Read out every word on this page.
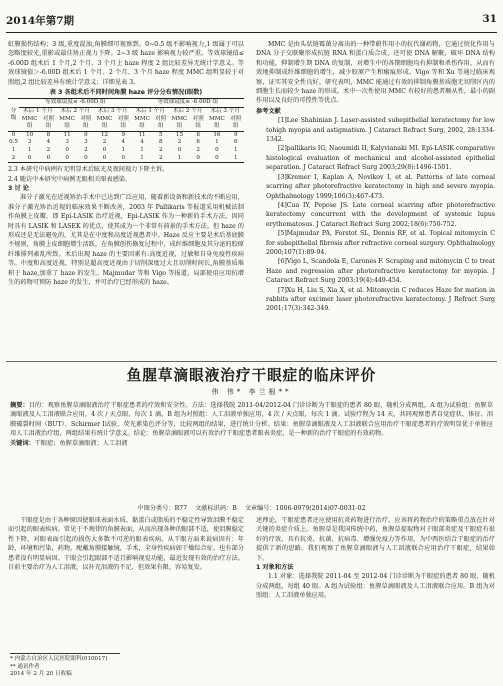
2014年第7期	31

虹膜损伤结构；3 级,重度混浊,角膜细可视察到。0~0.5 级不影响视力,1 级属于可以忽略度较光,重影或最佳矫正视力下降。2~3 级 haze 影响视力较严重。等效球镜值≤ -6.00D 组术后 1 个月,2 个月、3 个月上 haze 程度 2 组比较差异无统计学意义。等效球镜值＞-6.00D 组术后 1 个月、2 个月、3 个月 haze 程度 MMC 组明显较于对照组,2 组比较差异有统计学意义；详细见表 3。

表 3 各组术后不同时间角膜 haze 评分分布情况(眼数)
分级	等效球镜度≤ -6.00D 组						等效球镜度≥ -6.00D 组					
	术后 1 个月		术后 2 个月		术后 3 个月		术后 1 个月		术后 2 个月		术后 3 个月	
	MMC组	对照组	MMC组	对照组	MMC组	对照组	MMC组	对照组	MMC组	对照组	MMC组	对照组
0	10	8	11	9	12	9	11	5	15	8	16	9
0.5	3	4	3	3	2	4	4	8	2	6	1	6
1	1	2	0	2	0	1	1	2	0	2	0	1
2	0	0	0	0	0	0	1	2	1	0	0	1

2.3 本研究中病例有无明显术后眩光及夜间视力下降主诉。

2.4 随访中本研究中病例无眼相关眼表感染。

3 讨 论

准分子激光在近视矫治手术中已达到广泛应用，随着新设备和新技术的不断应用，准分子激光矫治近视的临床效果不断改善，2003 年 Pallikaris 等报道采用机械法制作角膜上皮瓣，即 Epi-LASIK 治疗近视，Epi-LASIK 作为一种新的手术方法，因同时具有 LASIK 和 LASEK 的优点，使其成为一个非常有前景的手术方法。但 haze 的形成还是无法避免的，尤其是在中度和高度近视患者中。Haze 反应主要是术后基底膜不规则，角膜上皮细胞增生活跃，在角膜创伤修复过程中，成纤维细胞及其分泌的胶原纤维排列紊乱所致。术后出现 haze 的主要因素有:高度近视，过敏和自身免疫性疾病等。中度和高度近视，特别是超高度近视由于切削深度过大且切削时间长,角膜基质堆积于 haze,加重了 haze 的发生。Majmudar 等和 Vigo 等报道，局部使用应用抗增生的药物可预防 haze 的发生，并可治疗已经形成的 haze。

MMC 是由头状链霉菌分离出的一种带蔚作用小的抗代谢药物，它通过烷化作用与 DNA 分子交联聚形成抗链 RNA 和蛋白质合成，还可使 DNA 解聚，破坏 DNA 结构和功能，抑制增生期 DNA 的复制，对增生中的各期细胞均有抑制和杀伤作用，从而有效地抑制成纤维细胞的增生，减少胶原产生和瘢痕形成。Vigo 等和 Xu 等通过临床观察，证实其安全性良好。研究表明，MMC 能通过有效的抑制角膜基质胞无切削区内的细胞生长而较少 haze 的形成。术中一次性使用 MMC 有较好的患者顺从性，最小的副作用以及良好的可控性等优点。

参考文献

[1]Lee Shahinian J. Laser-assisted subepithelial keratectomy for low tohigh myopia and astigmatism. J Cataract Refract Surg, 2002, 28:1334-1342.

[2]pallikaris IG, Naoumidi II, Kalyvianaki MI. Epi-LASIK comparative histological evaluation of mechanical and alcohol-assisted epithelial separation. J Cataract Refract Surg 2003;29(8):1496-1501.

[3]Kremer I, Kaplan A, Novikov I, et al. Patterns of late corneal scarring after photorefractive keratectomy in high and severe myopia. Ophthalmology 1999;106(3):467-473.

[4]Cua IY, Pepose JS. Late corneal scarring after photorefractive keratectomy concurrent with the development of systemic lupus erythematosus. J Cataract Refract Surg 2002;18(6):750-752.

[5]Majmudar PA, Forstot SL, Dennis RF, et al. Topical mitomycin C for subepithelial fibrosis after refractive corneal surgery. Ophthalmology 2000;107(1):89-94.

[6]Vigo L, Scandola E, Carones F. Scraping and mitomycin C to treat Haze and regression after photorefractive keratectomy for myopia. J Cataract Refract Surg 2003;19(4):449-454.

[7]Xu H, Liu S, Xia X, et al. Mitomycin C reduces Haze for mation in rabbits after excimer laser photorefractive keratectomy. J Refract Surg 2001;17(3):342-349.

鱼腥草滴眼液治疗干眼症的临床评价
伟 伟* 李兰根**
摘要：目的：观察鱼腥草滴眼液治疗干眼症患者的疗效和安全性。方法：选择我院 2011-04/2012-04 门诊诊断为干眼症的患者 80 眼，随机分成两组，A 组为试验组：鱼腥草滴眼液及人工泪液联合应用，4 次 / 天点眼，每次 1 滴，B 组为对照组：人工泪液单独应用，4 次 / 天点眼，每次 1 滴。试验疗程为 14 天。共同观察患者自觉症状、体征、泪膜破裂时间（BUT）、Schirmer Ⅰ试验、荧光素染色评分等，比较两组的结果，进行统计分析。结果：鱼腥草滴眼液及人工泪液联合应用治疗干眼症患者的疗效明显优于单独应用人工泪液治疗组，两组结果有统计学意义。结论：鱼腥草滴眼液可以有效治疗干眼症患者眼表炎症，是一种新的治疗干眼症的有效药物。
关键词：干眼症；鱼腥草滴眼液；人工泪液
中图分类号：R77 文献标识码：B 文章编号：1006-0979(2014)07-0031-02

干眼症是由于各种原因使眼球表面水质、黏蛋白或脂质的不稳定性导致泪膜不稳定而引起的眼表疾病。常见于不规律的角膜表面，从而出现各种的眼部不适，使泪膜稳定性下降，对眼表面引起的损伤大多数不可逆的眼表疾病。从干眼方面来说病因有：年龄，环境和污染，药物，配戴角膜接触镜，手术，全身性疾病如干燥综合征，也有部分患者没有明显病因。干眼会引起眼部不适且影响视觉功能，最近发现有效的治疗方法。目前主要治疗为人工泪液，以补充泪液的不足，但效果有限，容易复发。

述理论，干眼症患者还应使用抗炎药物进行治疗，应该将药物治疗的策略重点放在针对关键的炎症介质上。鱼腥草是我国传统中药，鱼腥草提取物对于眼部炎症及干眼症有很好的疗效，具有抗炎、抗菌、抗病毒、增强免疫力等作用，为中西医结合干眼症的治疗提供了新的思路。我们观察了鱼腥草滴眼液与人工泪液联合应用治疗干眼症，结果如下。

1 对象和方法

1.1 对象：选择我院 2011-04 至 2012-04 门诊诊断为干眼症的患者 80 眼，随机分成两组，每组 40 眼。A 组为试验组：鱼腥草滴眼液及人工泪液联合应用。B 组为对照组：人工泪液单独应用。

* 内蒙古自治区人民医院眼科(010017)
** 通讯作者
2014 年 2 月 20 日收稿
